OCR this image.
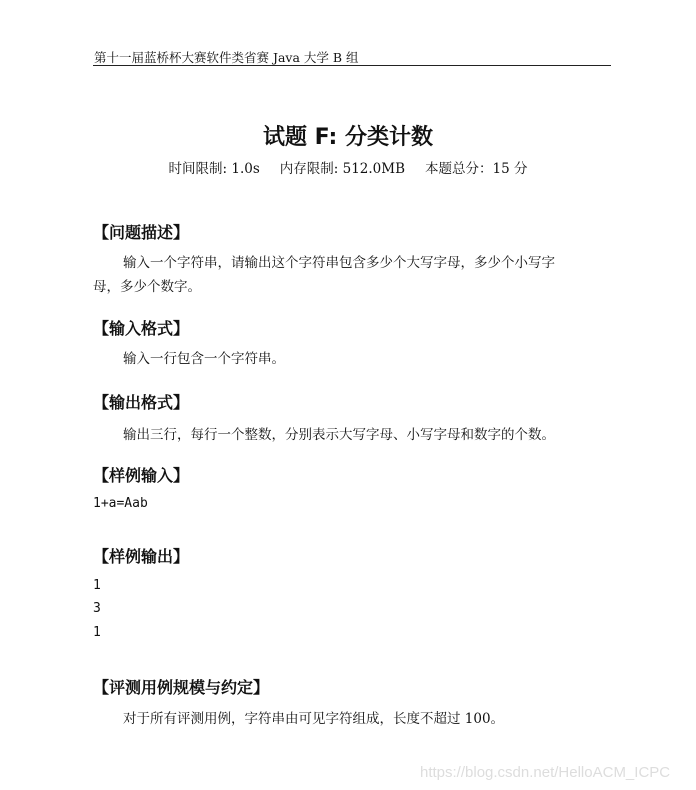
第十一届蓝桥杯大赛软件类省赛 Java 大学 B 组
试题 F: 分类计数
时间限制: 1.0s 内存限制: 512.0MB 本题总分：15 分
【问题描述】
输入一个字符串，请输出这个字符串包含多少个大写字母，多少个小写字
母，多少个数字。
【输入格式】
输入一行包含一个字符串。
【输出格式】
输出三行，每行一个整数，分别表示大写字母、小写字母和数字的个数。
【样例输入】
1+a=Aab
【样例输出】
1
3
1
【评测用例规模与约定】
对于所有评测用例，字符串由可见字符组成，长度不超过 100。
https://blog.csdn.net/HelloACM_ICPC
